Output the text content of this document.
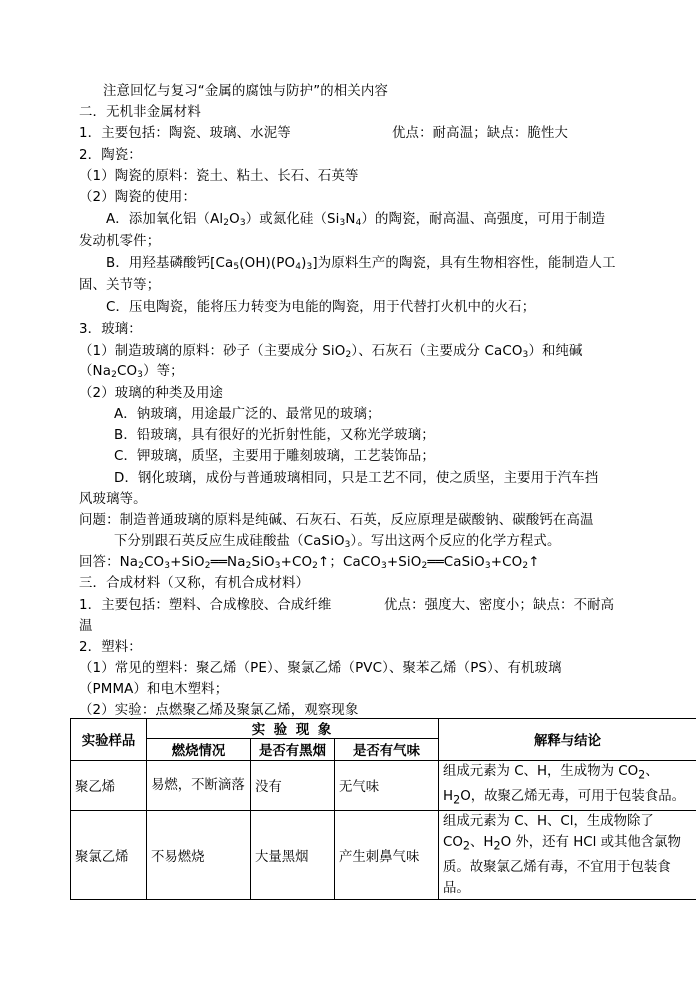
注意回忆与复习“金属的腐蚀与防护”的相关内容
二．无机非金属材料
1．主要包括：陶瓷、玻璃、水泥等	优点：耐高温；缺点：脆性大
2．陶瓷：
（1）陶瓷的原料：瓷土、粘土、长石、石英等
（2）陶瓷的使用：
A．添加氧化铝$(Al_2O_3)$或氮化硅$(Si_3N_4)$的陶瓷，耐高温、高强度，可用于制造
发动机零件；
B．用羟基磷酸钙$[Ca_5(OH)(PO_4)_3]$为原料生产的陶瓷，具有生物相容性，能制造人工
固、关节等；
C．压电陶瓷，能将压力转变为电能的陶瓷，用于代替打火机中的火石；
3．玻璃：
（1）制造玻璃的原料：砂子（主要成分 SiO$_2$）、石灰石（主要成分 CaCO$_3$）和纯碱
$(Na_2CO_3)$等；
（2）玻璃的种类及用途
A．钠玻璃，用途最广泛的、最常见的玻璃；
B．铅玻璃，具有很好的光折射性能，又称光学玻璃；
C．钾玻璃，质坚，主要用于雕刻玻璃，工艺装饰品；
D．钢化玻璃，成份与普通玻璃相同，只是工艺不同，使之质坚，主要用于汽车挡
风玻璃等。
问题：制造普通玻璃的原料是纯碱、石灰石、石英，反应原理是碳酸钠、碳酸钙在高温
下分别跟石英反应生成硅酸盐（CaSiO$_3$）。写出这两个反应的化学方程式。
回答：$Na_2CO_3+SiO_2══Na_2SiO_3+CO_2↑$；$CaCO_3+SiO_2══CaSiO_3+CO_2↑$
三．合成材料（又称，有机合成材料）
1．主要包括：塑料、合成橡胶、合成纤维	优点：强度大、密度小；缺点：不耐高
温
2．塑料：
（1）常见的塑料：聚乙烯（PE）、聚氯乙烯（PVC）、聚苯乙烯（PS）、有机玻璃
（PMMA）和电木塑料；
（2）实验：点燃聚乙烯及聚氯乙烯，观察现象
实验样品	实 验 现 象			解释与结论
	燃烧情况	是否有黑烟	是否有气味	
聚乙烯	易燃，不断滴落	没有	无气味	组成元素为 C、H，生成物为 $CO_2$、$H_2O$，故聚乙烯无毒，可用于包装食品。
聚氯乙烯	不易燃烧	大量黑烟	产生刺鼻气味	组成元素为 C、H、Cl，生成物除了 $CO_2$、$H_2O$ 外，还有 HCl 或其他含氯物质。故聚氯乙烯有毒，不宜用于包装食品。
